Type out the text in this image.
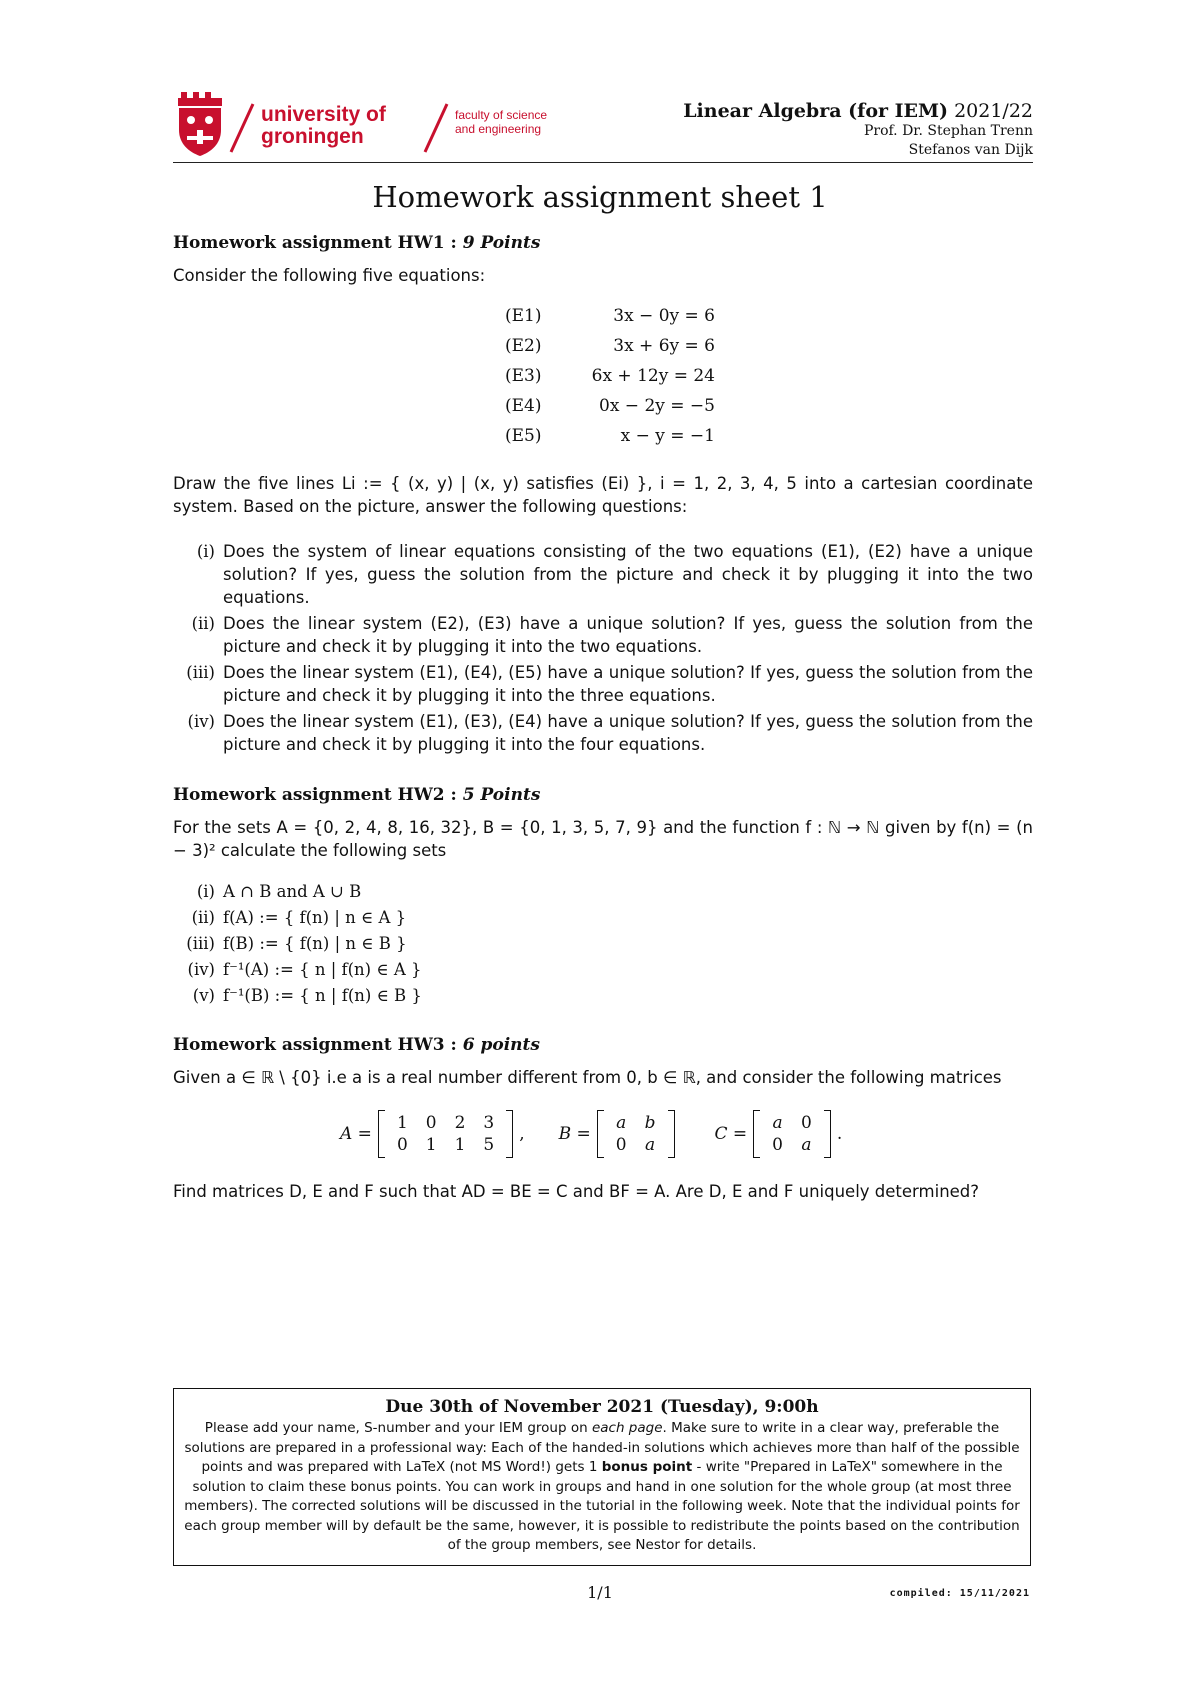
university of
groningen
faculty of science
and engineering
Linear Algebra (for IEM) 2021/22
Prof. Dr. Stephan Trenn
Stefanos van Dijk
Homework assignment sheet 1

Homework assignment HW1 : 9 Points

Consider the following five equations:

(E1)	3x − 0y = 6
(E2)	3x + 6y = 6
(E3)	6x + 12y = 24
(E4)	0x − 2y = −5
(E5)	x − y = −1

Draw the five lines Li := { (x, y) | (x, y) satisfies (Ei) }, i = 1, 2, 3, 4, 5 into a cartesian coordinate system. Based on the picture, answer the following questions:

(i) Does the system of linear equations consisting of the two equations (E1), (E2) have a unique solution? If yes, guess the solution from the picture and check it by plugging it into the two equations.
(ii) Does the linear system (E2), (E3) have a unique solution? If yes, guess the solution from the picture and check it by plugging it into the two equations.
(iii) Does the linear system (E1), (E4), (E5) have a unique solution? If yes, guess the solution from the picture and check it by plugging it into the three equations.
(iv) Does the linear system (E1), (E3), (E4) have a unique solution? If yes, guess the solution from the picture and check it by plugging it into the four equations.

Homework assignment HW2 : 5 Points

For the sets A = {0, 2, 4, 8, 16, 32}, B = {0, 1, 3, 5, 7, 9} and the function f : ℕ → ℕ given by f(n) = (n − 3)² calculate the following sets

(i) A ∩ B and A ∪ B
(ii) f(A) := { f(n) | n ∈ A }
(iii) f(B) := { f(n) | n ∈ B }
(iv) f⁻¹(A) := { n | f(n) ∈ A }
(v) f⁻¹(B) := { n | f(n) ∈ B }

Homework assignment HW3 : 6 points

Given a ∈ ℝ \ {0} i.e a is a real number different from 0, b ∈ ℝ, and consider the following matrices

A =
1	0	2	3
0	1	1	5
, B =
a	b
0	a
C =
a	0
0	a
.

Find matrices D, E and F such that AD = BE = C and BF = A. Are D, E and F uniquely determined?

Due 30th of November 2021 (Tuesday), 9:00h
Please add your name, S-number and your IEM group on each page. Make sure to write in a clear way, preferable the solutions are prepared in a professional way: Each of the handed-in solutions which achieves more than half of the possible points and was prepared with LaTeX (not MS Word!) gets 1 bonus point - write "Prepared in LaTeX" somewhere in the solution to claim these bonus points. You can work in groups and hand in one solution for the whole group (at most three members). The corrected solutions will be discussed in the tutorial in the following week. Note that the individual points for each group member will by default be the same, however, it is possible to redistribute the points based on the contribution of the group members, see Nestor for details.
1/1	compiled: 15/11/2021
